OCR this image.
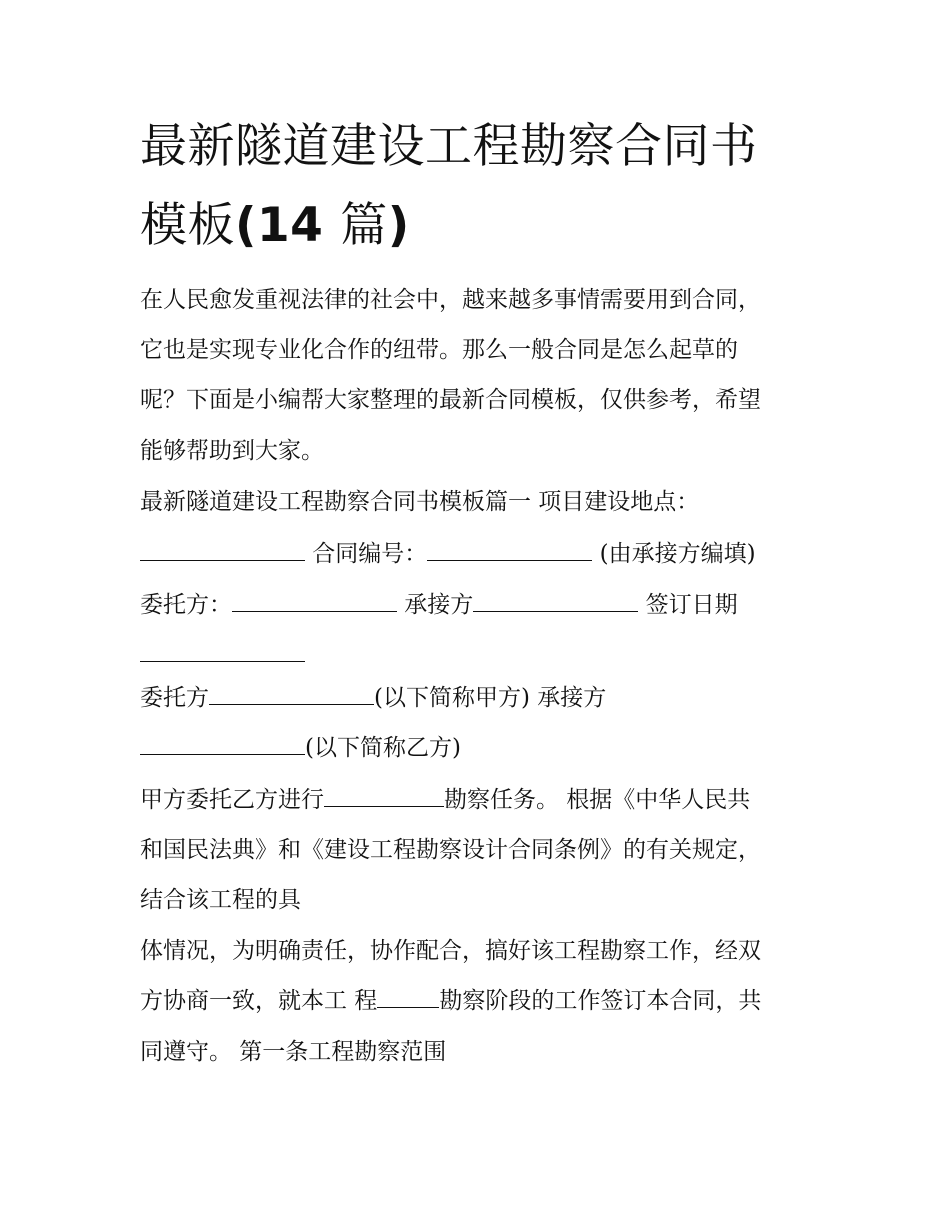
最新隧道建设工程勘察合同书
模板(14 篇)
在人民愈发重视法律的社会中，越来越多事情需要用到合同，
它也是实现专业化合作的纽带。那么一般合同是怎么起草的
呢？下面是小编帮大家整理的最新合同模板，仅供参考，希望
能够帮助到大家。
最新隧道建设工程勘察合同书模板篇一 项目建设地点：
合同编号：	(由承接方编填)
委托方：	承接方	签订日期
委托方	(以下简称甲方) 承接方
(以下简称乙方)
甲方委托乙方进行	勘察任务。 根据《中华人民共
和国民法典》和《建设工程勘察设计合同条例》的有关规定，
结合该工程的具
体情况，为明确责任，协作配合，搞好该工程勘察工作，经双
方协商一致，就本工 程	勘察阶段的工作签订本合同，共
同遵守。 第一条工程勘察范围
